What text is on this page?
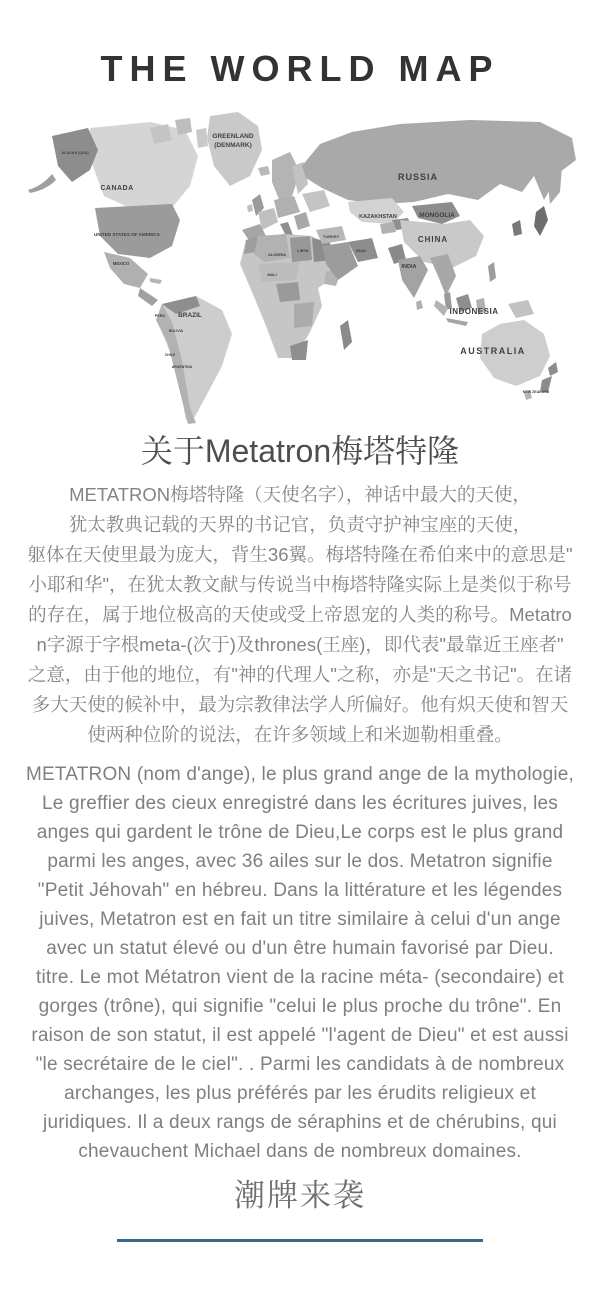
THE WORLD MAP
GREENLAND
(DENMARK)
CANADA
ALASKA (USA)
UNITED STATES OF AMERICA
MEXICO
BRAZIL
PERU
BOLIVIA
CHILE
ARGENTINA
RUSSIA
KAZAKHSTAN	MONGOLIA
CHINA
INDIA
TURKEY
IRAN
ALGERIA
LIBYA
MALI
INDONESIA
AUSTRALIA
NEW ZEALAND
关于Metatron梅塔特隆
METATRON梅塔特隆（天使名字），神话中最大的天使，
犹太教典记载的天界的书记官，负责守护神宝座的天使，
躯体在天使里最为庞大，背生36翼。梅塔特隆在希伯来中的意思是"
小耶和华"，在犹太教文献与传说当中梅塔特隆实际上是类似于称号
的存在，属于地位极高的天使或受上帝恩宠的人类的称号。Metatro
n字源于字根meta-(次于)及thrones(王座)，即代表"最靠近王座者"
之意，由于他的地位，有"神的代理人"之称，亦是"天之书记"。在诸
多大天使的候补中，最为宗教律法学人所偏好。他有炽天使和智天
使两种位阶的说法，在许多领域上和米迦勒相重叠。
METATRON (nom d'ange), le plus grand ange de la mythologie,
Le greffier des cieux enregistré dans les écritures juives, les
anges qui gardent le trône de Dieu,Le corps est le plus grand
parmi les anges, avec 36 ailes sur le dos. Metatron signifie
"Petit Jéhovah" en hébreu. Dans la littérature et les légendes
juives, Metatron est en fait un titre similaire à celui d'un ange
avec un statut élevé ou d'un être humain favorisé par Dieu.
titre. Le mot Métatron vient de la racine méta- (secondaire) et
gorges (trône), qui signifie "celui le plus proche du trône". En
raison de son statut, il est appelé "l'agent de Dieu" et est aussi
"le secrétaire de le ciel". . Parmi les candidats à de nombreux
archanges, les plus préférés par les érudits religieux et
juridiques. Il a deux rangs de séraphins et de chérubins, qui
chevauchent Michael dans de nombreux domaines.
潮牌来袭
